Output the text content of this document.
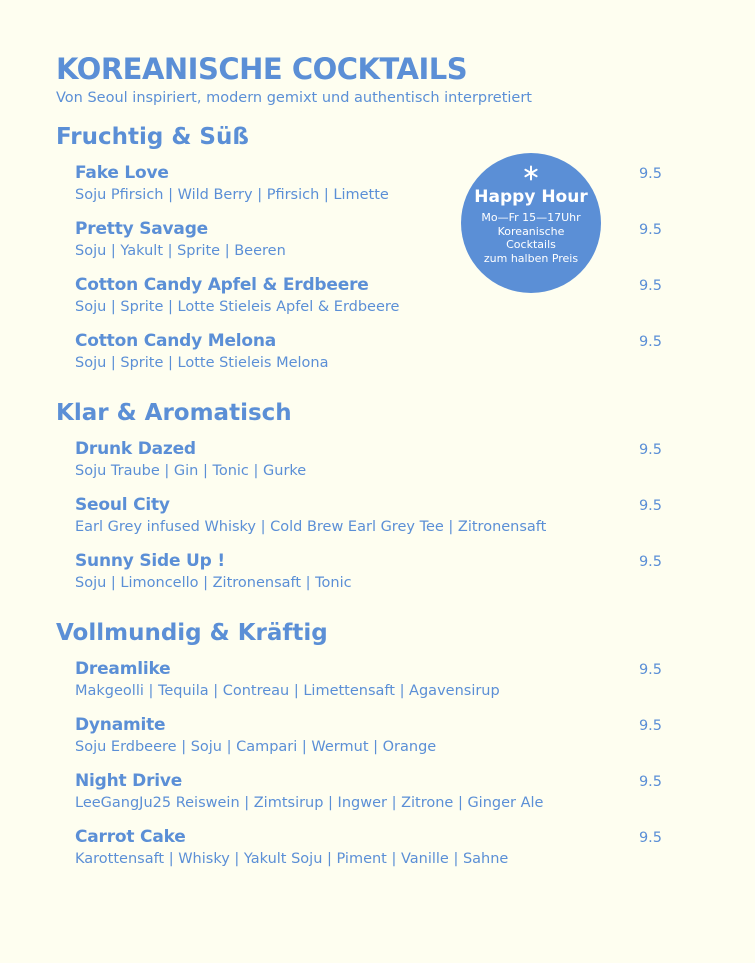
KOREANISCHE COCKTAILS
Von Seoul inspiriert, modern gemixt und authentisch interpretiert
Fruchtig & Süß
Fake Love
Soju Pfirsich | Wild Berry | Pfirsich | Limette
9.5
Pretty Savage
Soju | Yakult | Sprite | Beeren
9.5
Cotton Candy Apfel & Erdbeere
Soju | Sprite | Lotte Stieleis Apfel & Erdbeere
9.5
Cotton Candy Melona
Soju | Sprite | Lotte Stieleis Melona
9.5
Klar & Aromatisch
Drunk Dazed
Soju Traube | Gin | Tonic | Gurke
9.5
Seoul City
Earl Grey infused Whisky | Cold Brew Earl Grey Tee | Zitronensaft
9.5
Sunny Side Up !
Soju | Limoncello | Zitronensaft | Tonic
9.5
Vollmundig & Kräftig
Dreamlike
Makgeolli | Tequila | Contreau | Limettensaft | Agavensirup
9.5
Dynamite
Soju Erdbeere | Soju | Campari | Wermut | Orange
9.5
Night Drive
LeeGangJu25 Reiswein | Zimtsirup | Ingwer | Zitrone | Ginger Ale
9.5
Carrot Cake
Karottensaft | Whisky | Yakult Soju | Piment | Vanille | Sahne
9.5
Happy Hour
Mo—Fr 15—17Uhr
Koreanische
Cocktails
zum halben Preis
